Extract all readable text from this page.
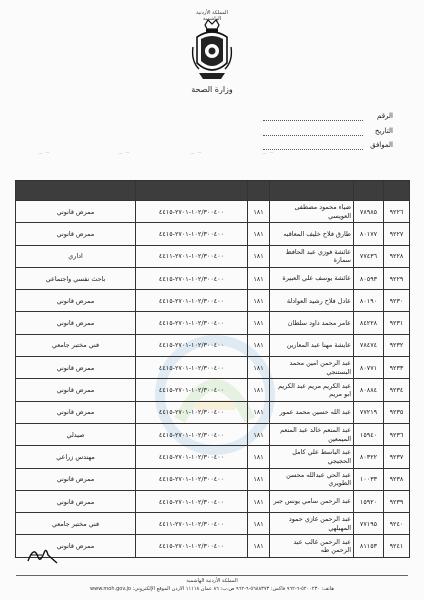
المملكة الأردنية الهاشمية
وزارة الصحة
الرقم
التاريخ
الموافق
~ ~	~ ~	~ ~	~ ~

٩٢٢٦	٧٨٩٨٥	ضياء محمود مصطفى العويسي	١٨١	١٠٢/٣٠٠٤٠٠-٢٧٠١-٤٤١٥	ممرض قانوني
٩٢٢٧	٨٠١٧٧	طارق فلاح خليف المعاقبه	١٨١	١٠٢/٣٠٠٤٠٠-٢٧٠١-٤٤١٥	ممرض قانوني
٩٢٢٨	٧٧٤٣٦	عائشة فوزي عبد الحافظ سمارة	١٨١	١٠٢/٣٠٠٤٠٠-٢٧٠١-٤٤١١	اداري
٩٢٢٩	٨٠٥٩٣	عائشة يوسف علي العبيرة	١٨١	١٠٢/٣٠٠٤٠٠-٢٧٠١-٤٤١٥	باحث نفسي واجتماعي
٩٢٣٠	٨٠١٩٠	عادل فلاح رشيد العوادلة	١٨١	١٠٢/٣٠٠٤٠٠-٢٧٠١-٤٤١٥	ممرض قانوني
٩٢٣١	٨٤٢٢٨	عامر محمد داود سلطان	١٨١	١٠٢/٣٠٠٤٠٠-٢٧٠١-٤٤١٥	ممرض قانوني
٩٢٣٢	٧٨٤٧٤	عايشة مهنا عبد المعارين	١٨١	١٠٢/٣٠٠٤٠٠-٢٧٠١-٤٤١٥	فني مختبر جامعي
٩٢٣٣	٨٠٧٧١	عبد الرحمن امين محمد البستنجي	١٨١	١٠٢/٣٠٠٤٠٠-٢٧٠١-٤٤١٥	ممرض قانوني
٩٢٣٤	٨٠٨٨٤	عبد الكريم مريم عبد الكريم ابو مريم	١٨١	١٠٢/٣٠٠٤٠٠-٢٧٠١-٤٤١٥	ممرض قانوني
٩٢٣٥	٧٧٢١٩	عبد الله حسين محمد عمور	١٨١	١٠٢/٣٠٠٤٠٠-٢٧٠١-٤٤١٥	ممرض قانوني
٩٢٣٦	١٥٩٤٠	عبد المنعم خالد عبد المنعم الميمعين	١٨١	١٠٢/٣٠٠٤٠٠-٢٧٠١-٤٤١٥	صيدلي
٩٢٣٧	٨٠٣٢٢	عبد الباسط علي كامل الحجيجي	١٨١	١٠٢/٣٠٠٤٠٠-٢٧٠١-٤٤١٥	مهندس زراعي
٩٢٣٨	١٠٠٣٣	عبد الحي عبدالله محسن الطويري	١٨١	١٠٢/٣٠٠٤٠٠-٢٧٠١-٤٤١٥	ممرض قانوني
٩٢٣٩	١٥٩٢٠	عبد الرحمن سامي يونس جبر	١٨١	١٠٢/٣٠٠٤٠٠-٢٧٠١-٤٤١٥	ممرض قانوني
٩٢٤٠	٧٧١٩٥	عبد الرحمن غازي حمود المهبلهي	١٨١	١٠٢/٣٠٠٤٠٠-٢٧٠١-٤٤١١	فني مختبر جامعي
٩٢٤١	٨١١٥٣	عبد الرحمن غالب عبد الرحمن طه	١٨١	١٠٢/٣٠٠٤٠٠-٢٧٠١-٤٤١٥	ممرض قانوني
المملكة الأردنية الهاشمية
هاتف: ٥٢٠٠٢٣٠-٦-٩٦٢ فاكس: ٥٦٨٨٣٧٣-٦-٩٦٢ ص.ب: ٨٦ عمان ١١١١٨ الأردن الموقع الإلكتروني: www.moh.gov.jo
